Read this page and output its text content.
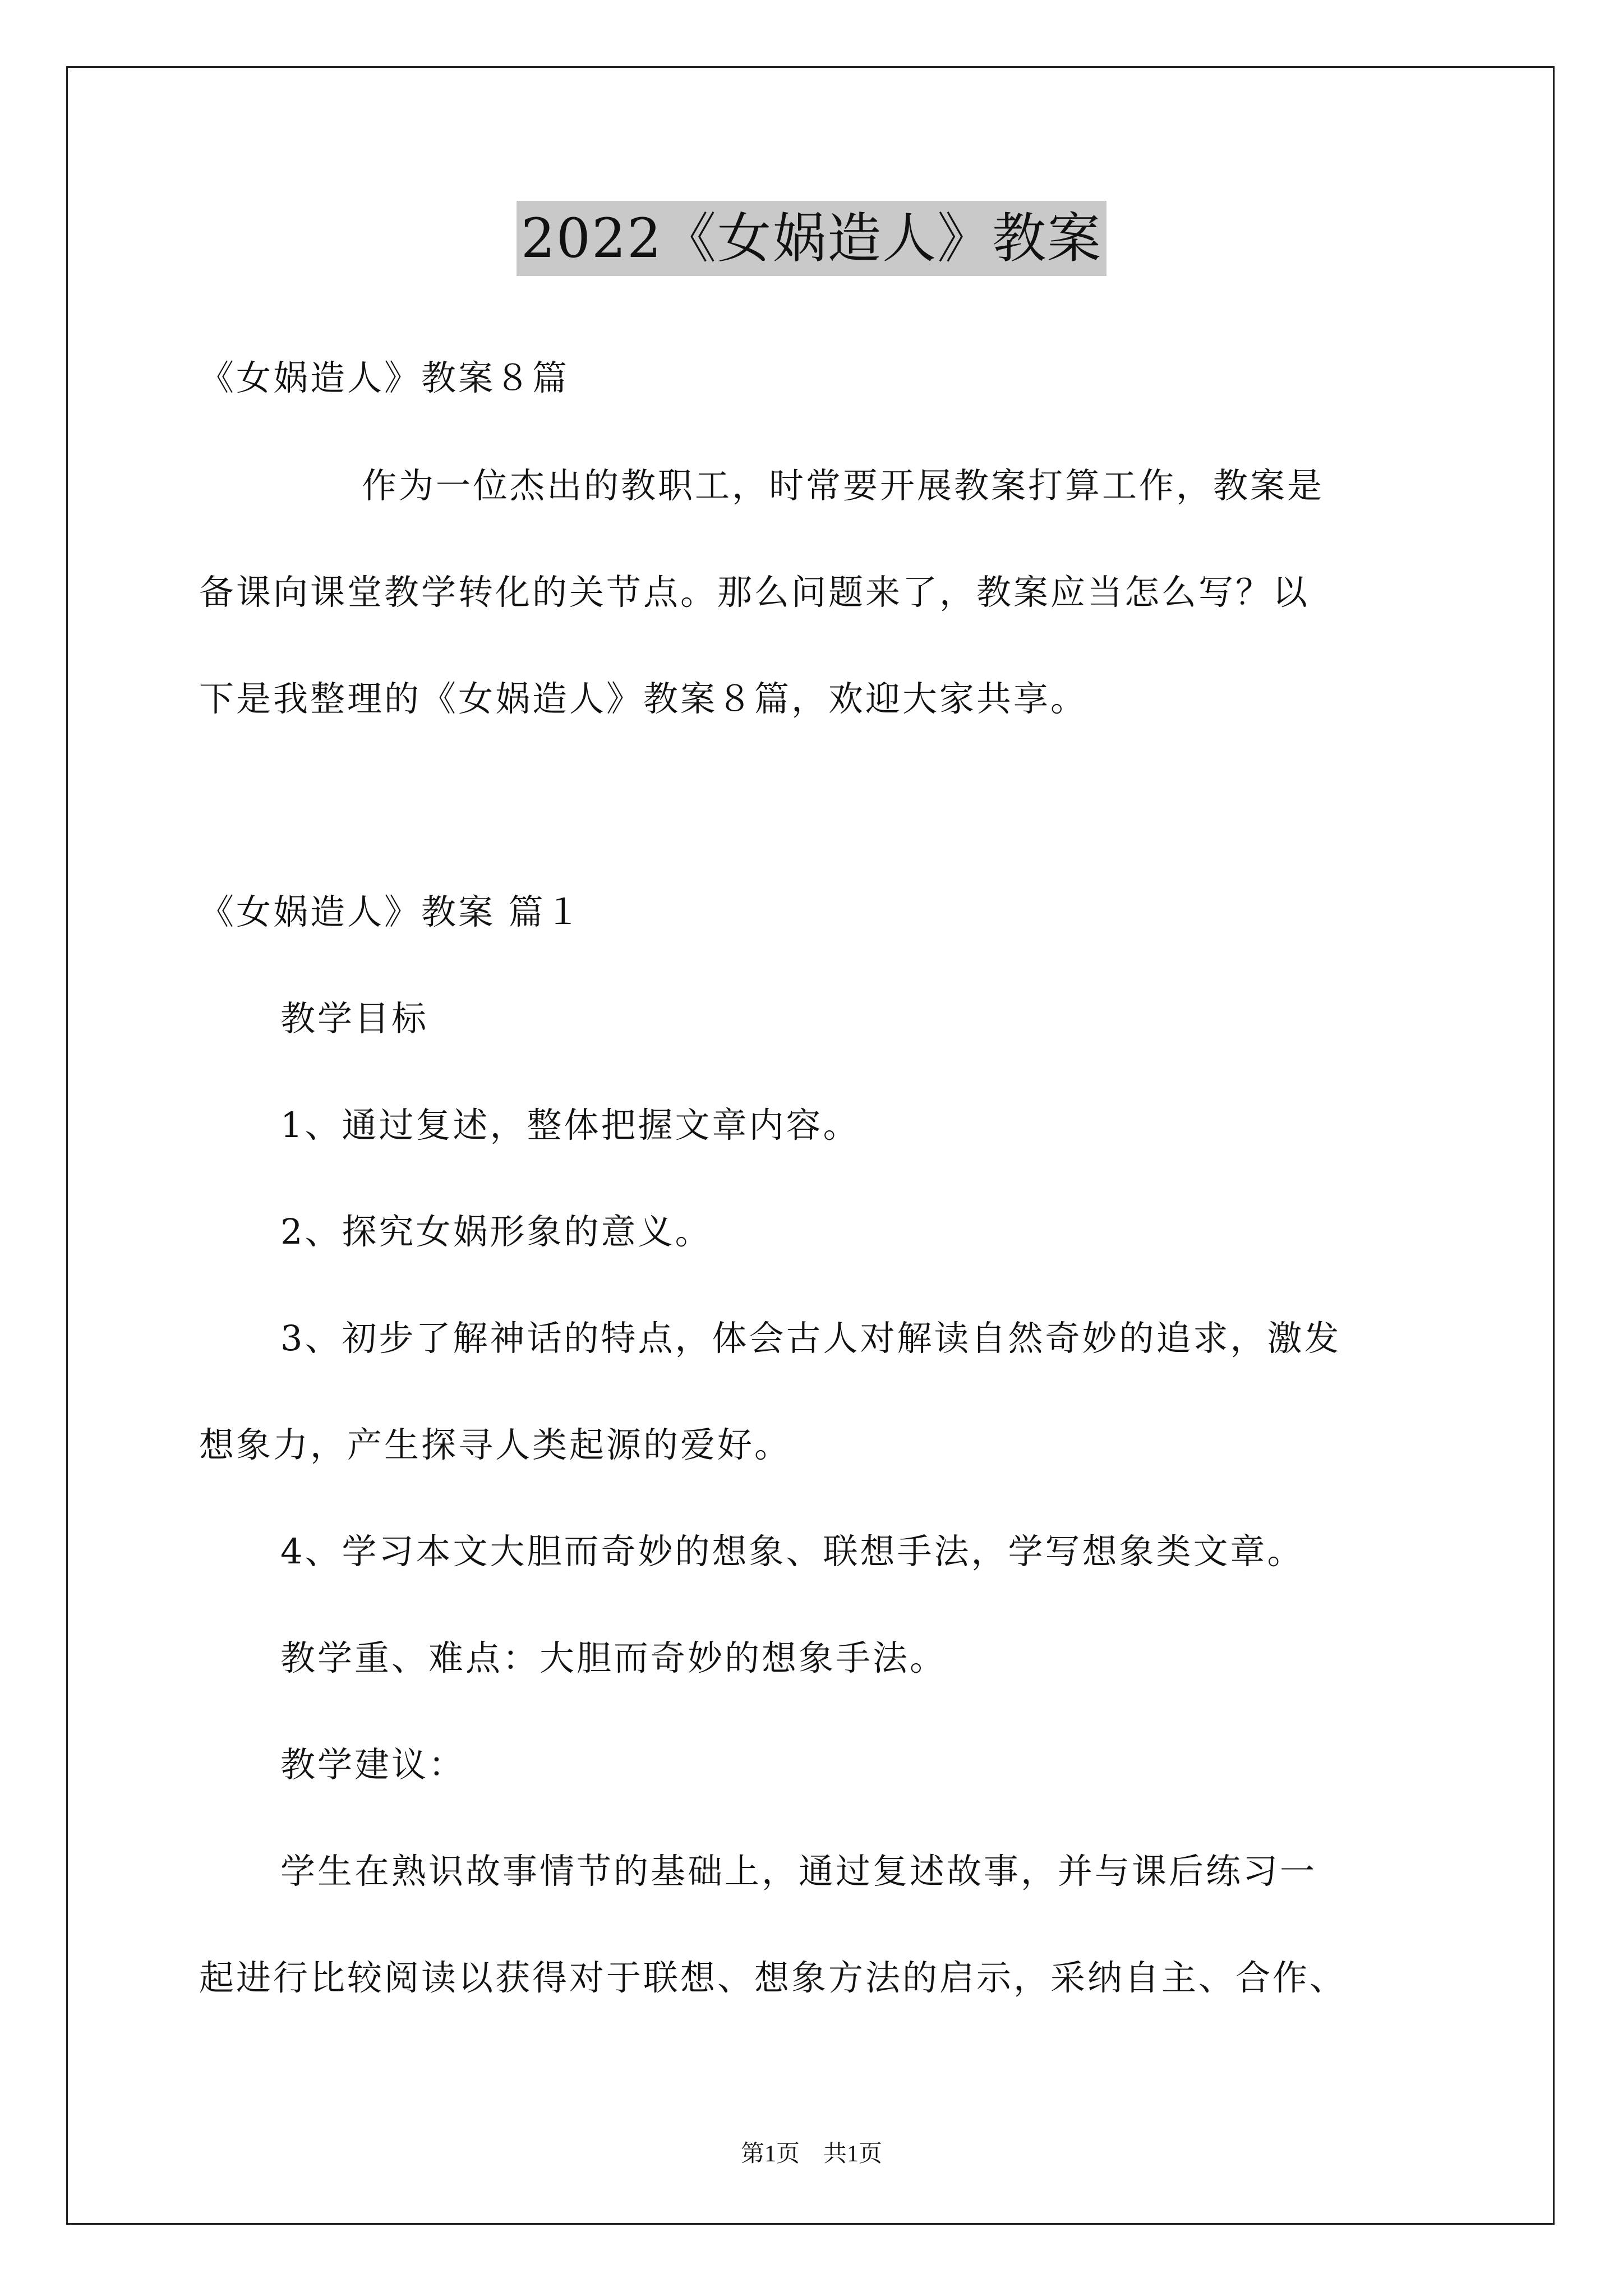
2022《女娲造人》教案
《女娲造人》教案８篇
作为一位杰出的教职工，时常要开展教案打算工作，教案是
备课向课堂教学转化的关节点。那么问题来了，教案应当怎么写？以
下是我整理的《女娲造人》教案８篇，欢迎大家共享。
《女娲造人》教案 篇１
教学目标
1、通过复述，整体把握文章内容。
2、探究女娲形象的意义。
3、初步了解神话的特点，体会古人对解读自然奇妙的追求，激发
想象力，产生探寻人类起源的爱好。
4、学习本文大胆而奇妙的想象、联想手法，学写想象类文章。
教学重、难点：大胆而奇妙的想象手法。
教学建议：
学生在熟识故事情节的基础上，通过复述故事，并与课后练习一
起进行比较阅读以获得对于联想、想象方法的启示，采纳自主、合作、
第1页　共1页
